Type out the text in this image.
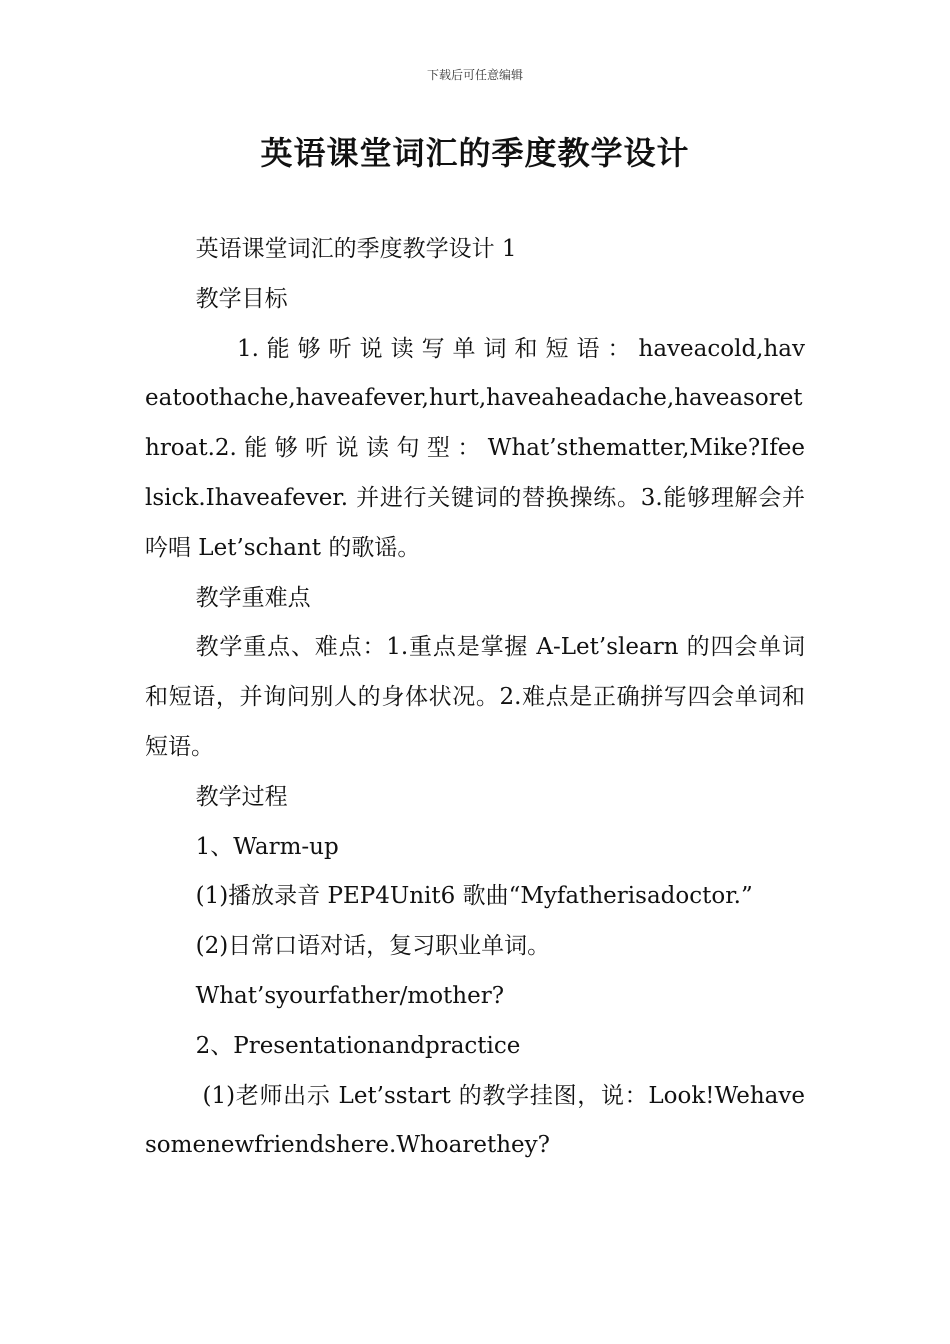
下载后可任意编辑
英语课堂词汇的季度教学设计

英语课堂词汇的季度教学设计 1

教学目标

1. 能 够 听 说 读 写 单 词 和 短 语 ： haveacold,haveatoothache,haveafever,hurt,haveaheadache,haveasorethroat.2. 能 够 听 说 读 句 型 ： What’sthematter,Mike?Ifeelsick.Ihaveafever. 并进行关键词的替换操练。3.能够理解会并吟唱 Let’schant 的歌谣。

教学重难点

教学重点、难点：1.重点是掌握 A-Let’slearn 的四会单词和短语，并询问别人的身体状况。2.难点是正确拼写四会单词和短语。

教学过程

1、Warm-up

(1)播放录音 PEP4Unit6 歌曲“Myfatherisadoctor.”

(2)日常口语对话，复习职业单词。

What’syourfather/mother?

2、Presentationandpractice

(1)老师出示 Let’sstart 的教学挂图，说：Look!Wehavesomenewfriendshere.Whoarethey?
